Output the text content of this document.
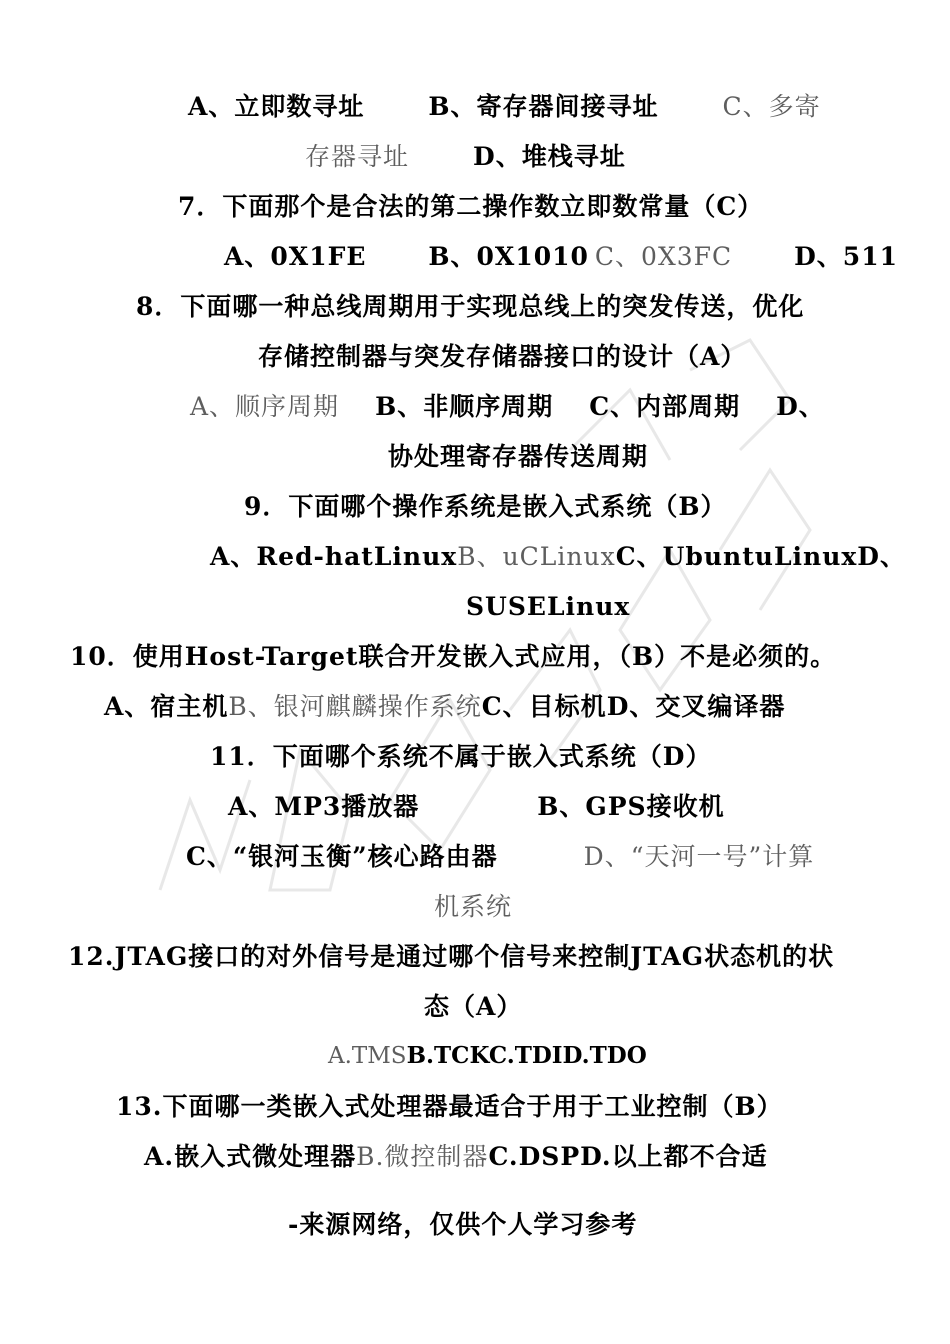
A、立即数寻址	B、寄存器间接寻址	C、多寄
存器寻址	D、堆栈寻址
7．下面那个是合法的第二操作数立即数常量（C）
A、0X1FE B、0X1010 C、0X3FC D、511
8．下面哪一种总线周期用于实现总线上的突发传送，优化
存储控制器与突发存储器接口的设计（A）
A、顺序周期 B、非顺序周期 C、内部周期 D、
协处理寄存器传送周期
9．下面哪个操作系统是嵌入式系统（B）
A、Red-hatLinuxB、uCLinuxC、UbuntuLinuxD、
SUSELinux
10．使用Host-Target联合开发嵌入式应用，（B）不是必须的。
A、宿主机B、银河麒麟操作系统C、目标机D、交叉编译器
11．下面哪个系统不属于嵌入式系统（D）
A、MP3播放器	B、GPS接收机
C、“银河玉衡”核心路由器	D、“天河一号”计算
机系统
12.JTAG接口的对外信号是通过哪个信号来控制JTAG状态机的状
态（A）
A.TMSB.TCKC.TDID.TDO
13.下面哪一类嵌入式处理器最适合于用于工业控制（B）
A.嵌入式微处理器B.微控制器C.DSPD.以上都不合适
-来源网络，仅供个人学习参考
